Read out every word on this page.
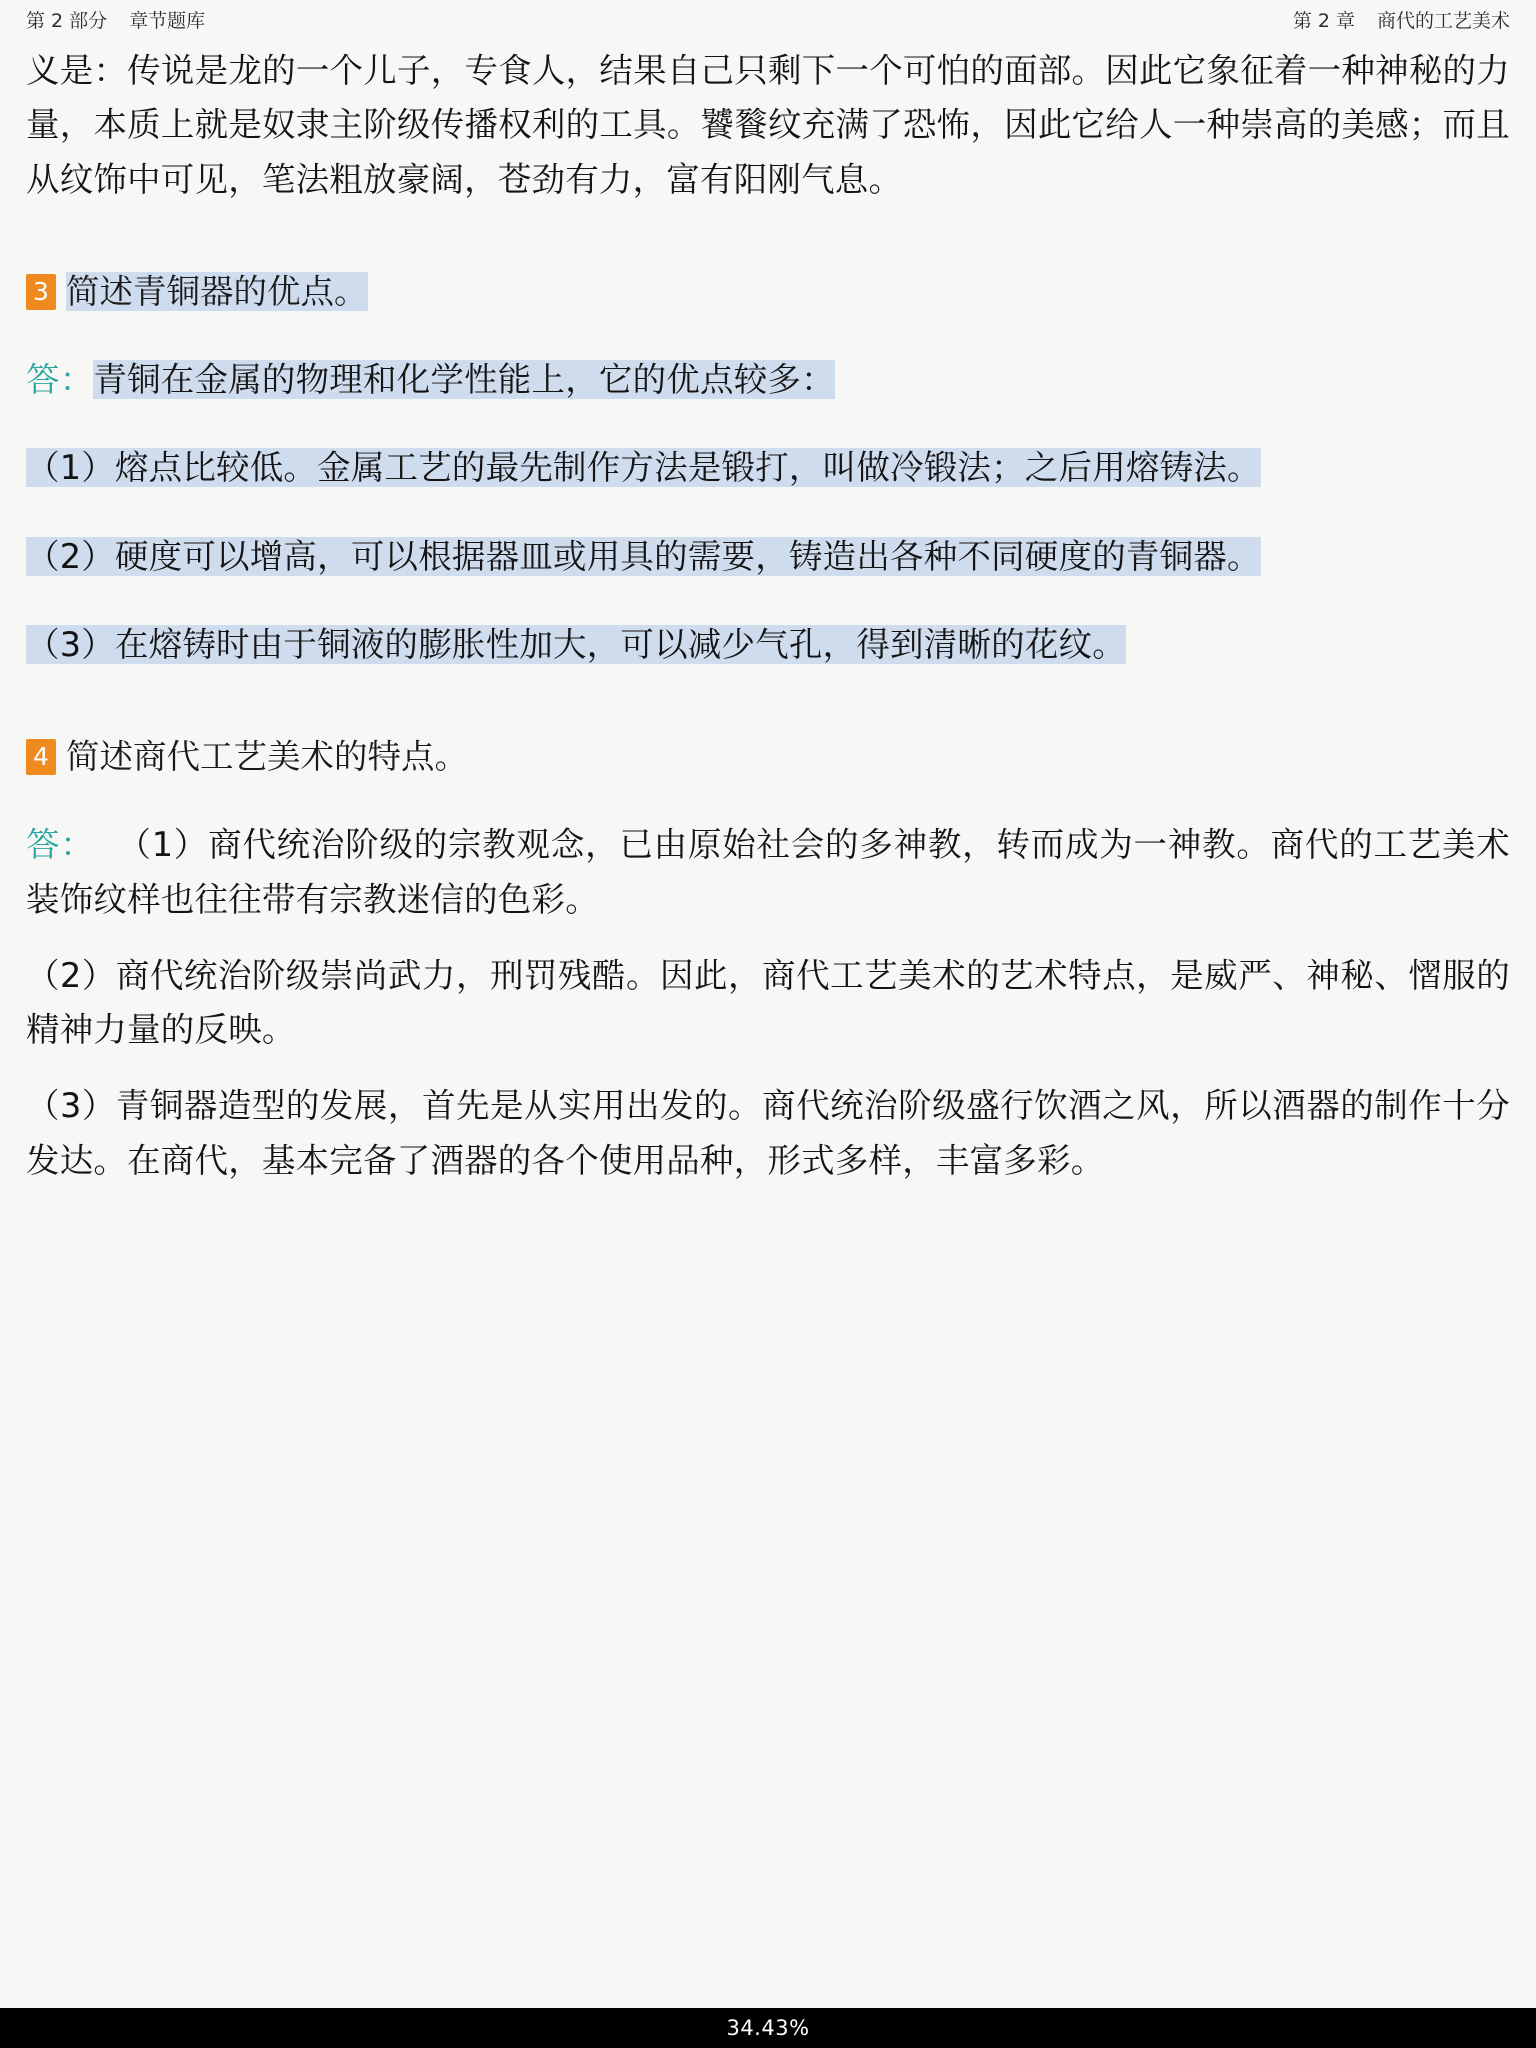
第 2 部分 章节题库	第 2 章 商代的工艺美术

义是：传说是龙的一个儿子，专食人，结果自己只剩下一个可怕的面部。因此它象征着一种神秘的力量，本质上就是奴隶主阶级传播权利的工具。饕餮纹充满了恐怖，因此它给人一种崇高的美感；而且从纹饰中可见，笔法粗放豪阔，苍劲有力，富有阳刚气息。

3 简述青铜器的优点。

答：青铜在金属的物理和化学性能上，它的优点较多：

（1）熔点比较低。金属工艺的最先制作方法是锻打，叫做冷锻法；之后用熔铸法。

（2）硬度可以增高，可以根据器皿或用具的需要，铸造出各种不同硬度的青铜器。

（3）在熔铸时由于铜液的膨胀性加大，可以减少气孔，得到清晰的花纹。

4 简述商代工艺美术的特点。

答： （1）商代统治阶级的宗教观念，已由原始社会的多神教，转而成为一神教。商代的工艺美术装饰纹样也往往带有宗教迷信的色彩。

（2）商代统治阶级崇尚武力，刑罚残酷。因此，商代工艺美术的艺术特点，是威严、神秘、慴服的精神力量的反映。

（3）青铜器造型的发展，首先是从实用出发的。商代统治阶级盛行饮酒之风，所以酒器的制作十分发达。在商代，基本完备了酒器的各个使用品种，形式多样，丰富多彩。

34.43%
